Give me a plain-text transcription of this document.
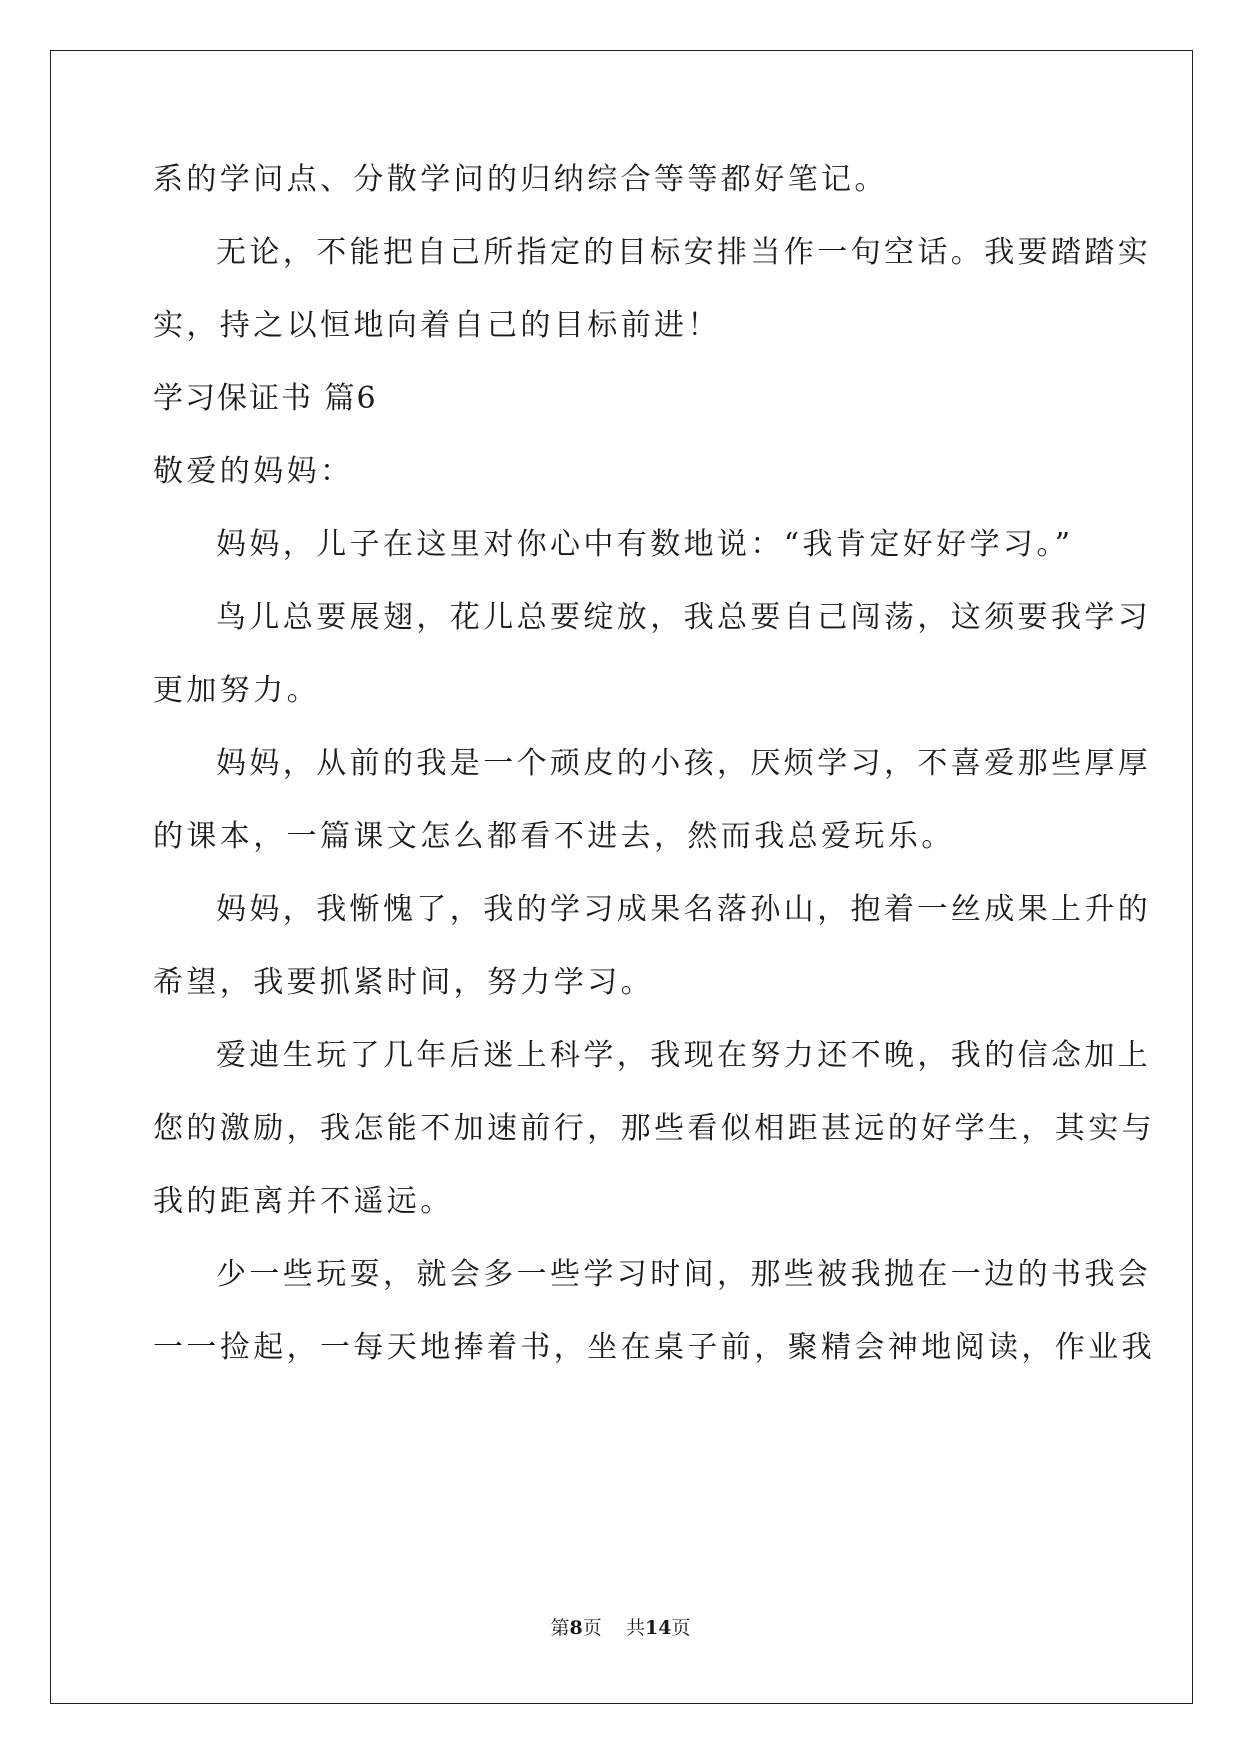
系的学问点、分散学问的归纳综合等等都好笔记。
无论，不能把自己所指定的目标安排当作一句空话。我要踏踏实
实，持之以恒地向着自己的目标前进！
学习保证书 篇6
敬爱的妈妈：
妈妈，儿子在这里对你心中有数地说：“我肯定好好学习。”
鸟儿总要展翅，花儿总要绽放，我总要自己闯荡，这须要我学习
更加努力。
妈妈，从前的我是一个顽皮的小孩，厌烦学习，不喜爱那些厚厚
的课本，一篇课文怎么都看不进去，然而我总爱玩乐。
妈妈，我惭愧了，我的学习成果名落孙山，抱着一丝成果上升的
希望，我要抓紧时间，努力学习。
爱迪生玩了几年后迷上科学，我现在努力还不晚，我的信念加上
您的激励，我怎能不加速前行，那些看似相距甚远的好学生，其实与
我的距离并不遥远。
少一些玩耍，就会多一些学习时间，那些被我抛在一边的书我会
一一捡起，一每天地捧着书，坐在桌子前，聚精会神地阅读，作业我
第8页 共14页
